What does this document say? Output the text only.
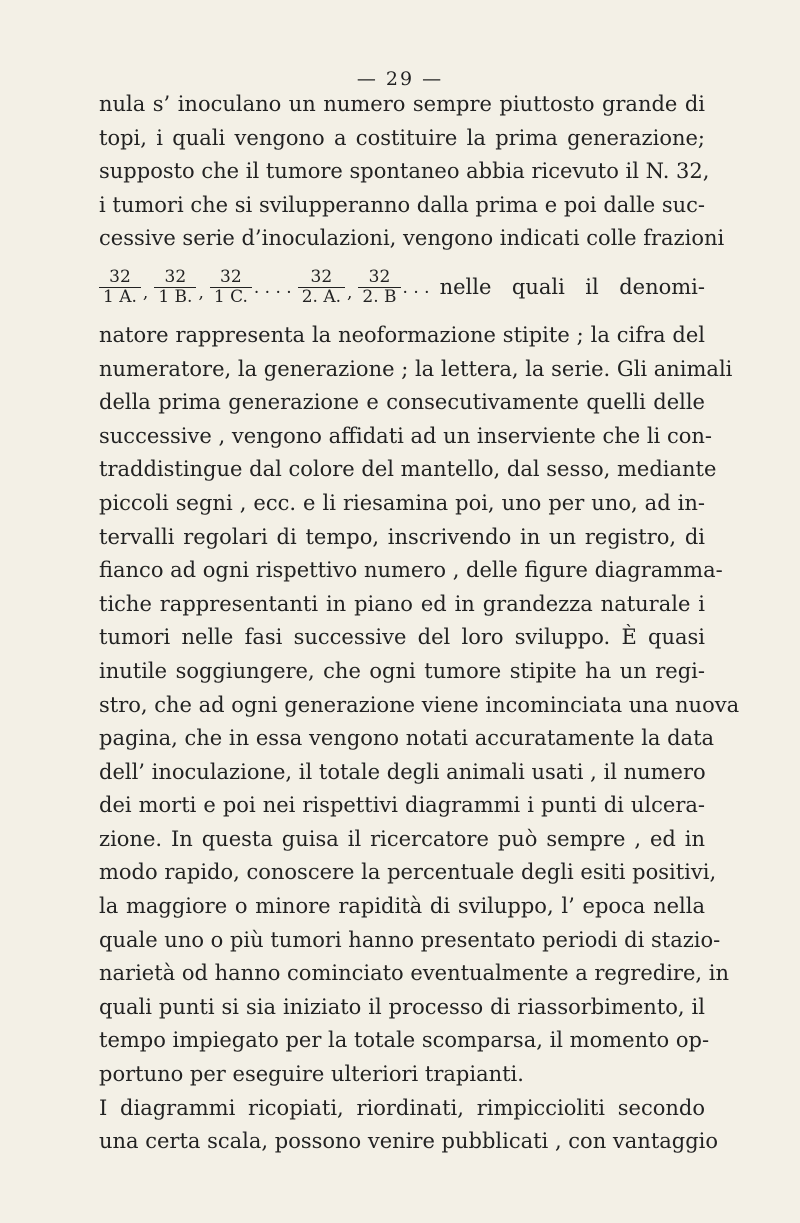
— 29 —
nula s’ inoculano un numero sempre piuttosto grande di
topi, i quali vengono a costituire la prima generazione;
supposto che il tumore spontaneo abbia ricevuto il N. 32,
i tumori che si svilupperanno dalla prima e poi dalle suc-
cessive serie d’inoculazioni, vengono indicati colle frazioni
$\frac{32}{1 A.}$ , $\frac{32}{1 B.}$ , $\frac{32}{1 C.}$ · · · · $\frac{32}{2. A.}$ , $\frac{32}{2. B}$ · · · nelle quali il denomi-
natore rappresenta la neoformazione stipite ; la cifra del
numeratore, la generazione ; la lettera, la serie. Gli animali
della prima generazione e consecutivamente quelli delle
successive , vengono affidati ad un inserviente che li con-
traddistingue dal colore del mantello, dal sesso, mediante
piccoli segni , ecc. e li riesamina poi, uno per uno, ad in-
tervalli regolari di tempo, inscrivendo in un registro, di
fianco ad ogni rispettivo numero , delle figure diagramma-
tiche rappresentanti in piano ed in grandezza naturale i
tumori nelle fasi successive del loro sviluppo. È quasi
inutile soggiungere, che ogni tumore stipite ha un regi-
stro, che ad ogni generazione viene incominciata una nuova
pagina, che in essa vengono notati accuratamente la data
dell’ inoculazione, il totale degli animali usati , il numero
dei morti e poi nei rispettivi diagrammi i punti di ulcera-
zione. In questa guisa il ricercatore può sempre , ed in
modo rapido, conoscere la percentuale degli esiti positivi,
la maggiore o minore rapidità di sviluppo, l’ epoca nella
quale uno o più tumori hanno presentato periodi di stazio-
narietà od hanno cominciato eventualmente a regredire, in
quali punti si sia iniziato il processo di riassorbimento, il
tempo impiegato per la totale scomparsa, il momento op-
portuno per eseguire ulteriori trapianti.
I diagrammi ricopiati, riordinati, rimpiccioliti secondo
una certa scala, possono venire pubblicati , con vantaggio
